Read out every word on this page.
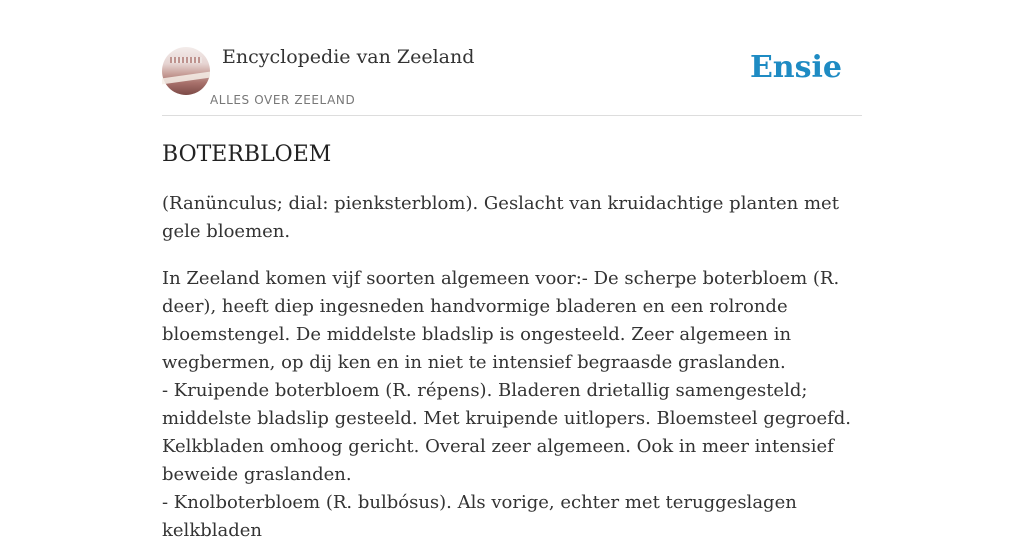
Encyclopedie van Zeeland
ALLES OVER ZEELAND
Ensie
BOTERBLOEM

(Ranünculus; dial: pienksterblom). Geslacht van kruidachtige planten met gele bloemen.

In Zeeland komen vijf soorten algemeen voor:- De scherpe boterbloem (R. deer), heeft diep ingesneden handvormige bladeren en een rolronde bloemstengel. De middelste bladslip is ongesteeld. Zeer algemeen in wegbermen, op dij ken en in niet te intensief begraasde graslanden.
- Kruipende boterbloem (R. répens). Bladeren drietallig samengesteld; middelste bladslip gesteeld. Met kruipende uitlopers. Bloemsteel gegroefd. Kelkbladen omhoog gericht. Overal zeer algemeen. Ook in meer intensief beweide graslanden.
- Knolboterbloem (R. bulbósus). Als vorige, echter met teruggeslagen kelkbladen
